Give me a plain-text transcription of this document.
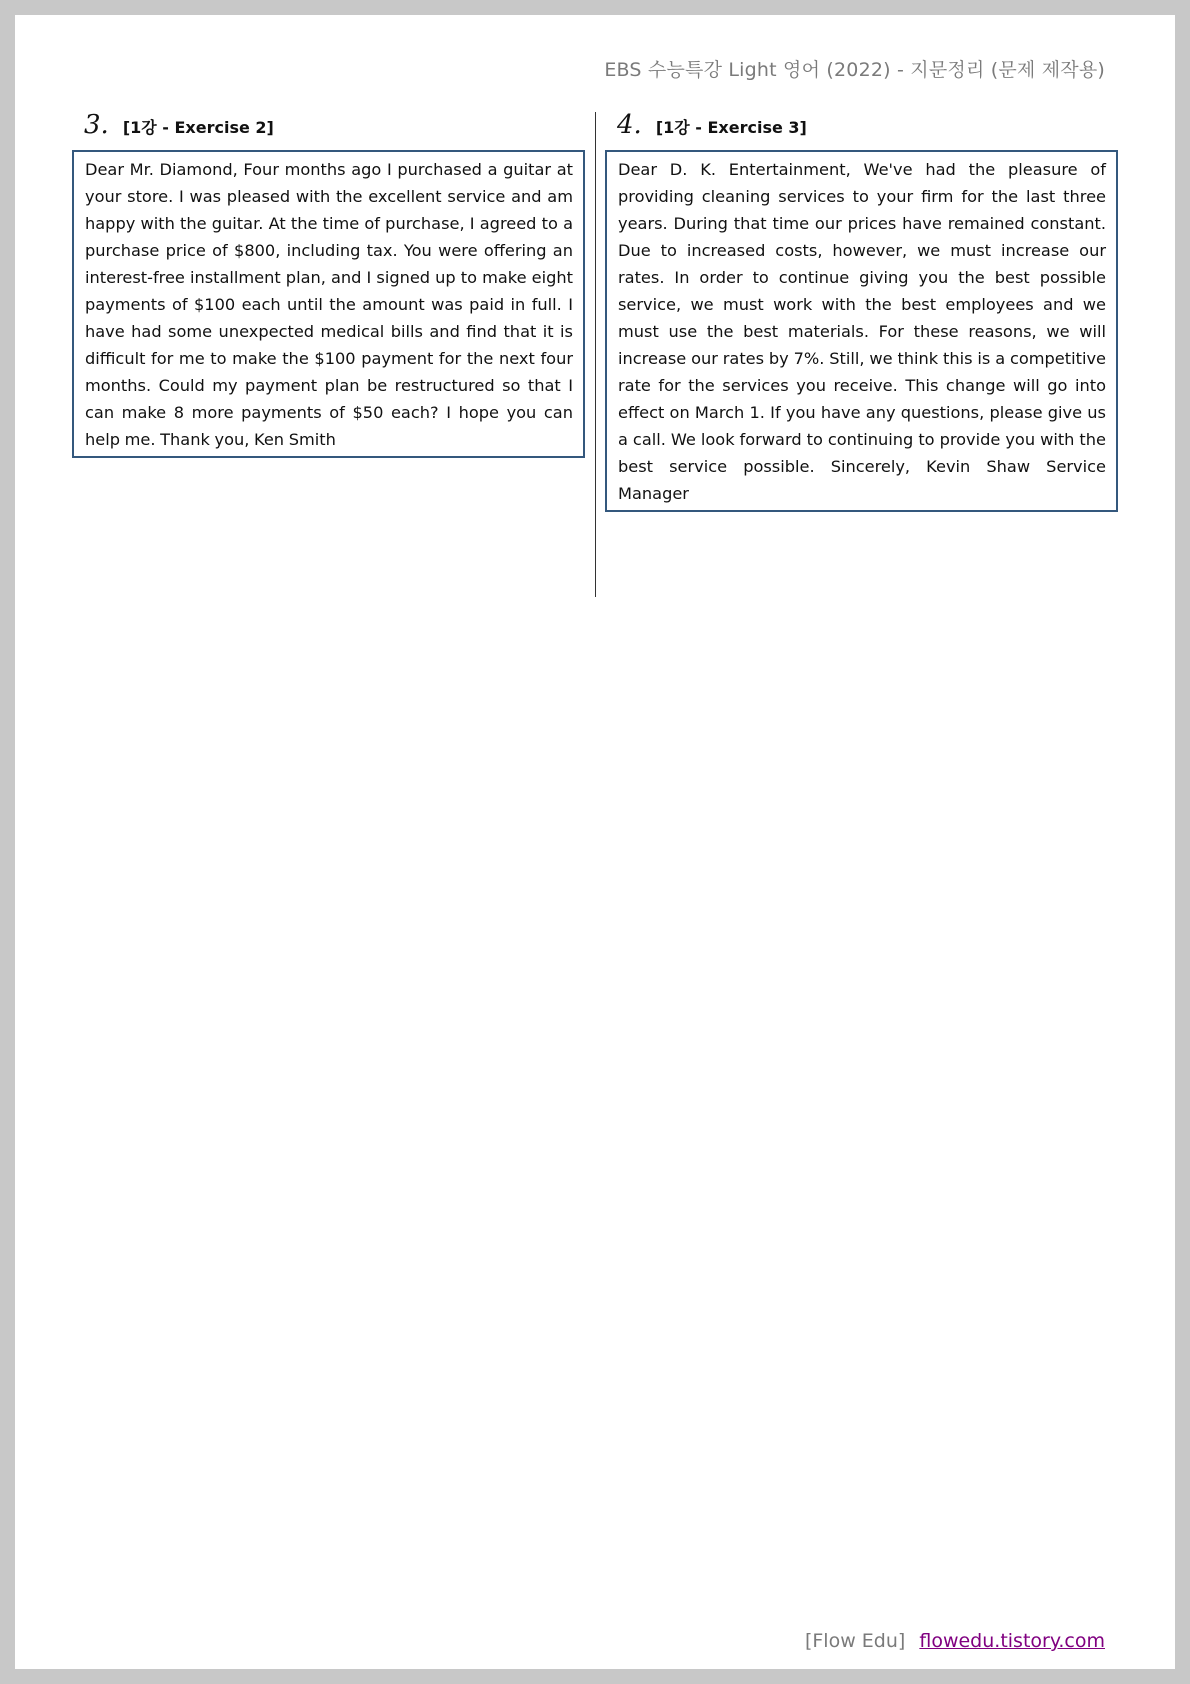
EBS 수능특강 Light 영어 (2022) - 지문정리 (문제 제작용)
3. [1강 - Exercise 2]

Dear Mr. Diamond, Four months ago I purchased a guitar at your store. I was pleased with the excellent service and am happy with the guitar. At the time of purchase, I agreed to a purchase price of $800, including tax. You were offering an interest-free installment plan, and I signed up to make eight payments of $100 each until the amount was paid in full. I have had some unexpected medical bills and find that it is difficult for me to make the $100 payment for the next four months. Could my payment plan be restructured so that I can make 8 more payments of $50 each? I hope you can help me. Thank you, Ken Smith

4. [1강 - Exercise 3]

Dear D. K. Entertainment, We've had the pleasure of providing cleaning services to your firm for the last three years. During that time our prices have remained constant. Due to increased costs, however, we must increase our rates. In order to continue giving you the best possible service, we must work with the best employees and we must use the best materials. For these reasons, we will increase our rates by 7%. Still, we think this is a competitive rate for the services you receive. This change will go into effect on March 1. If you have any questions, please give us a call. We look forward to continuing to provide you with the best service possible. Sincerely, Kevin Shaw Service Manager

[Flow Edu] flowedu.tistory.com
